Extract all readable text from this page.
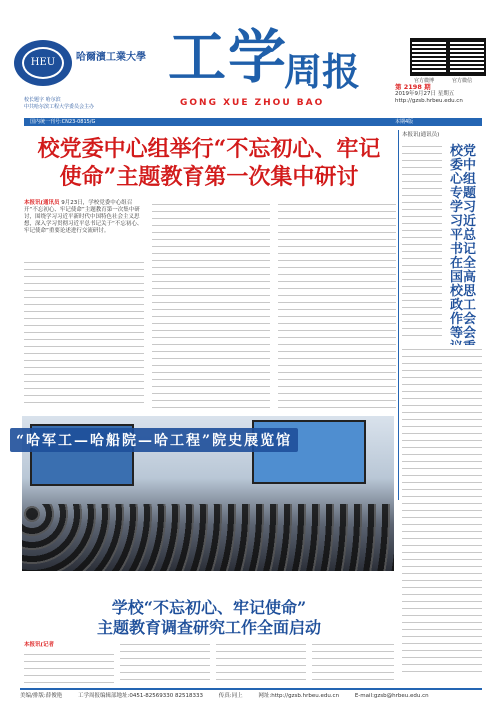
HEU	哈爾濱工業大學
校长题字 哈尔滨
中共哈尔滨工程大学委员会主办
工学
周报
GONG XUE ZHOU BAO
官方微博	官方微信
第 2198 期
2019年9月27日 星期五
http://gzsb.hrbeu.edu.cn
国内统一刊号:CN23-0815/G	本期4版
校党委中心组举行“不忘初心、牢记
使命”主题教育第一次集中研讨
本报讯(通讯员 9月23日，学校党委中心组召开“不忘初心、牢记使命”主题教育第一次集中研讨，围绕学习习近平新时代中国特色社会主义思想，深入学习贯彻习近平总书记关于“不忘初心、牢记使命”重要论述进行交流研讨。
本报讯(通讯员)
校党委中心组专题学习习近平总书记在全国高校思政工作会等会
“哈军工—哈船院—哈工程”院史展览馆
学校“不忘初心、牢记使命”
主题教育调查研究工作全面启动
本报讯(记者
美编/排版:薛俊艳	工学周报编辑部地址:0451-82569330 82518333	传真:同上	网址:http://gzsb.hrbeu.edu.cn	E-mail:gzsb@hrbeu.edu.cn
